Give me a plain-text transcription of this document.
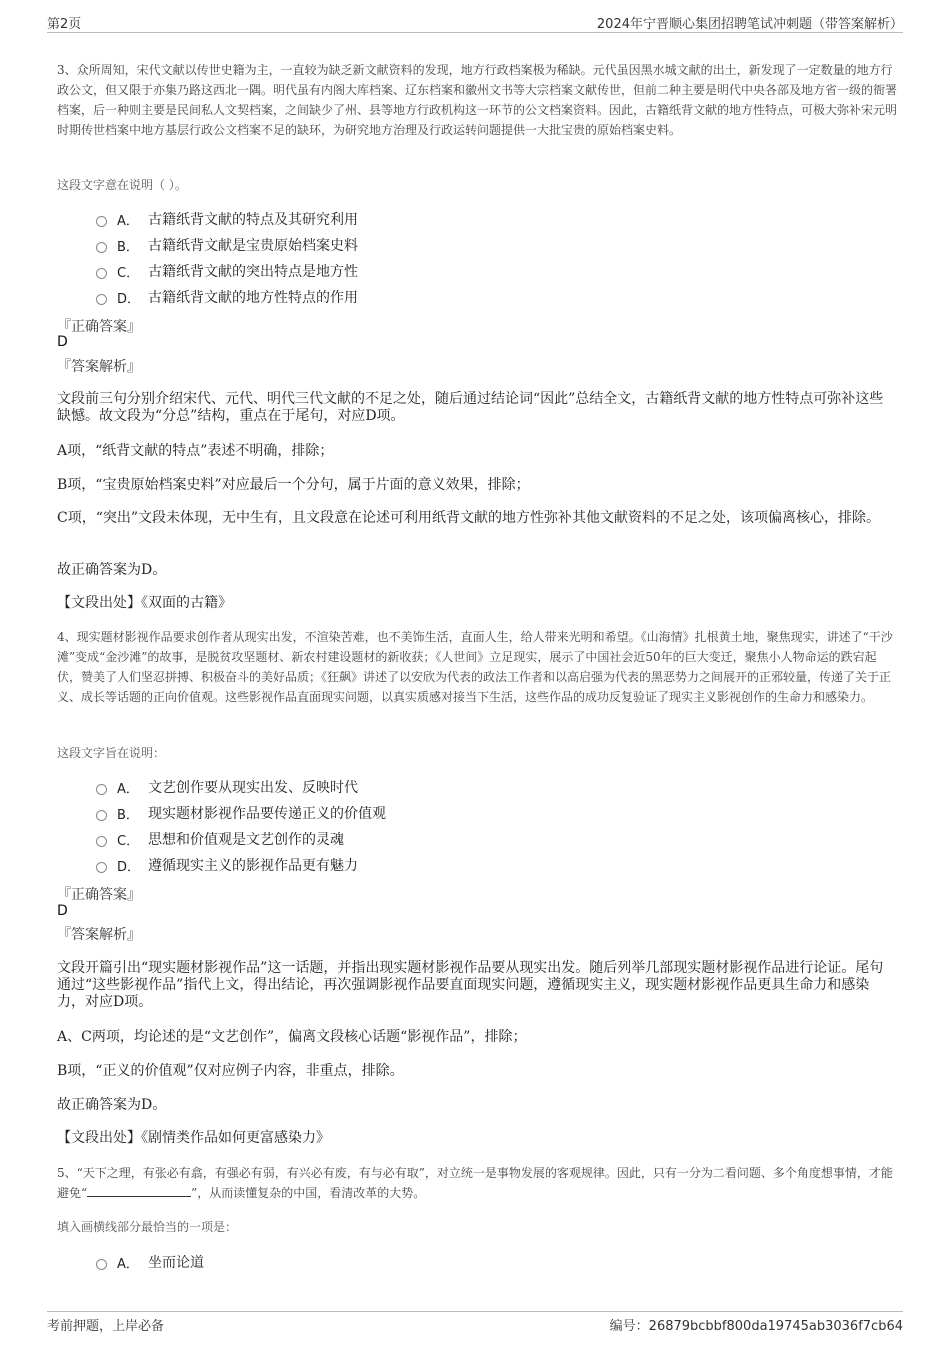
第2页	2024年宁晋顺心集团招聘笔试冲刺题（带答案解析）
3、众所周知，宋代文献以传世史籍为主，一直较为缺乏新文献资料的发现，地方行政档案极为稀缺。元代虽因黑水城文献的出土，新发现了一定数量的地方行政公文，但又限于亦集乃路这西北一隅。明代虽有内阁大库档案、辽东档案和徽州文书等大宗档案文献传世，但前二种主要是明代中央各部及地方省一级的衙署档案，后一种则主要是民间私人文契档案，之间缺少了州、县等地方行政机构这一环节的公文档案资料。因此，古籍纸背文献的地方性特点，可极大弥补宋元明时期传世档案中地方基层行政公文档案不足的缺环，为研究地方治理及行政运转问题提供一大批宝贵的原始档案史料。
这段文字意在说明（ ）。
A． 古籍纸背文献的特点及其研究利用
B． 古籍纸背文献是宝贵原始档案史料
C． 古籍纸背文献的突出特点是地方性
D． 古籍纸背文献的地方性特点的作用
『正确答案』
D
『答案解析』
文段前三句分别介绍宋代、元代、明代三代文献的不足之处，随后通过结论词“因此”总结全文，古籍纸背文献的地方性特点可弥补这些缺憾。故文段为“分总”结构，重点在于尾句，对应D项。
A项，“纸背文献的特点”表述不明确，排除；
B项，“宝贵原始档案史料”对应最后一个分句，属于片面的意义效果，排除；
C项，“突出”文段未体现，无中生有，且文段意在论述可利用纸背文献的地方性弥补其他文献资料的不足之处，该项偏离核心，排除。
故正确答案为D。
【文段出处】《双面的古籍》
4、现实题材影视作品要求创作者从现实出发，不渲染苦难，也不美饰生活，直面人生，给人带来光明和希望。《山海情》扎根黄土地，聚焦现实，讲述了“干沙滩”变成“金沙滩”的故事，是脱贫攻坚题材、新农村建设题材的新收获；《人世间》立足现实，展示了中国社会近50年的巨大变迁，聚焦小人物命运的跌宕起伏，赞美了人们坚忍拼搏、积极奋斗的美好品质；《狂飙》讲述了以安欣为代表的政法工作者和以高启强为代表的黑恶势力之间展开的正邪较量，传递了关于正义、成长等话题的正向价值观。这些影视作品直面现实问题，以真实质感对接当下生活，这些作品的成功反复验证了现实主义影视创作的生命力和感染力。
这段文字旨在说明：
A． 文艺创作要从现实出发、反映时代
B． 现实题材影视作品要传递正义的价值观
C． 思想和价值观是文艺创作的灵魂
D． 遵循现实主义的影视作品更有魅力
『正确答案』
D
『答案解析』
文段开篇引出“现实题材影视作品”这一话题，并指出现实题材影视作品要从现实出发。随后列举几部现实题材影视作品进行论证。尾句通过“这些影视作品”指代上文，得出结论，再次强调影视作品要直面现实问题，遵循现实主义，现实题材影视作品更具生命力和感染力，对应D项。
A、C两项，均论述的是“文艺创作”，偏离文段核心话题“影视作品”，排除；
B项，“正义的价值观”仅对应例子内容，非重点，排除。
故正确答案为D。
【文段出处】《剧情类作品如何更富感染力》
5、“天下之理，有张必有翕，有强必有弱，有兴必有废，有与必有取”，对立统一是事物发展的客观规律。因此，只有一分为二看问题、多个角度想事情，才能避免“	”，从而读懂复杂的中国，看清改革的大势。
填入画横线部分最恰当的一项是：
A． 坐而论道
考前押题，上岸必备	编号：26879bcbbf800da19745ab3036f7cb64
